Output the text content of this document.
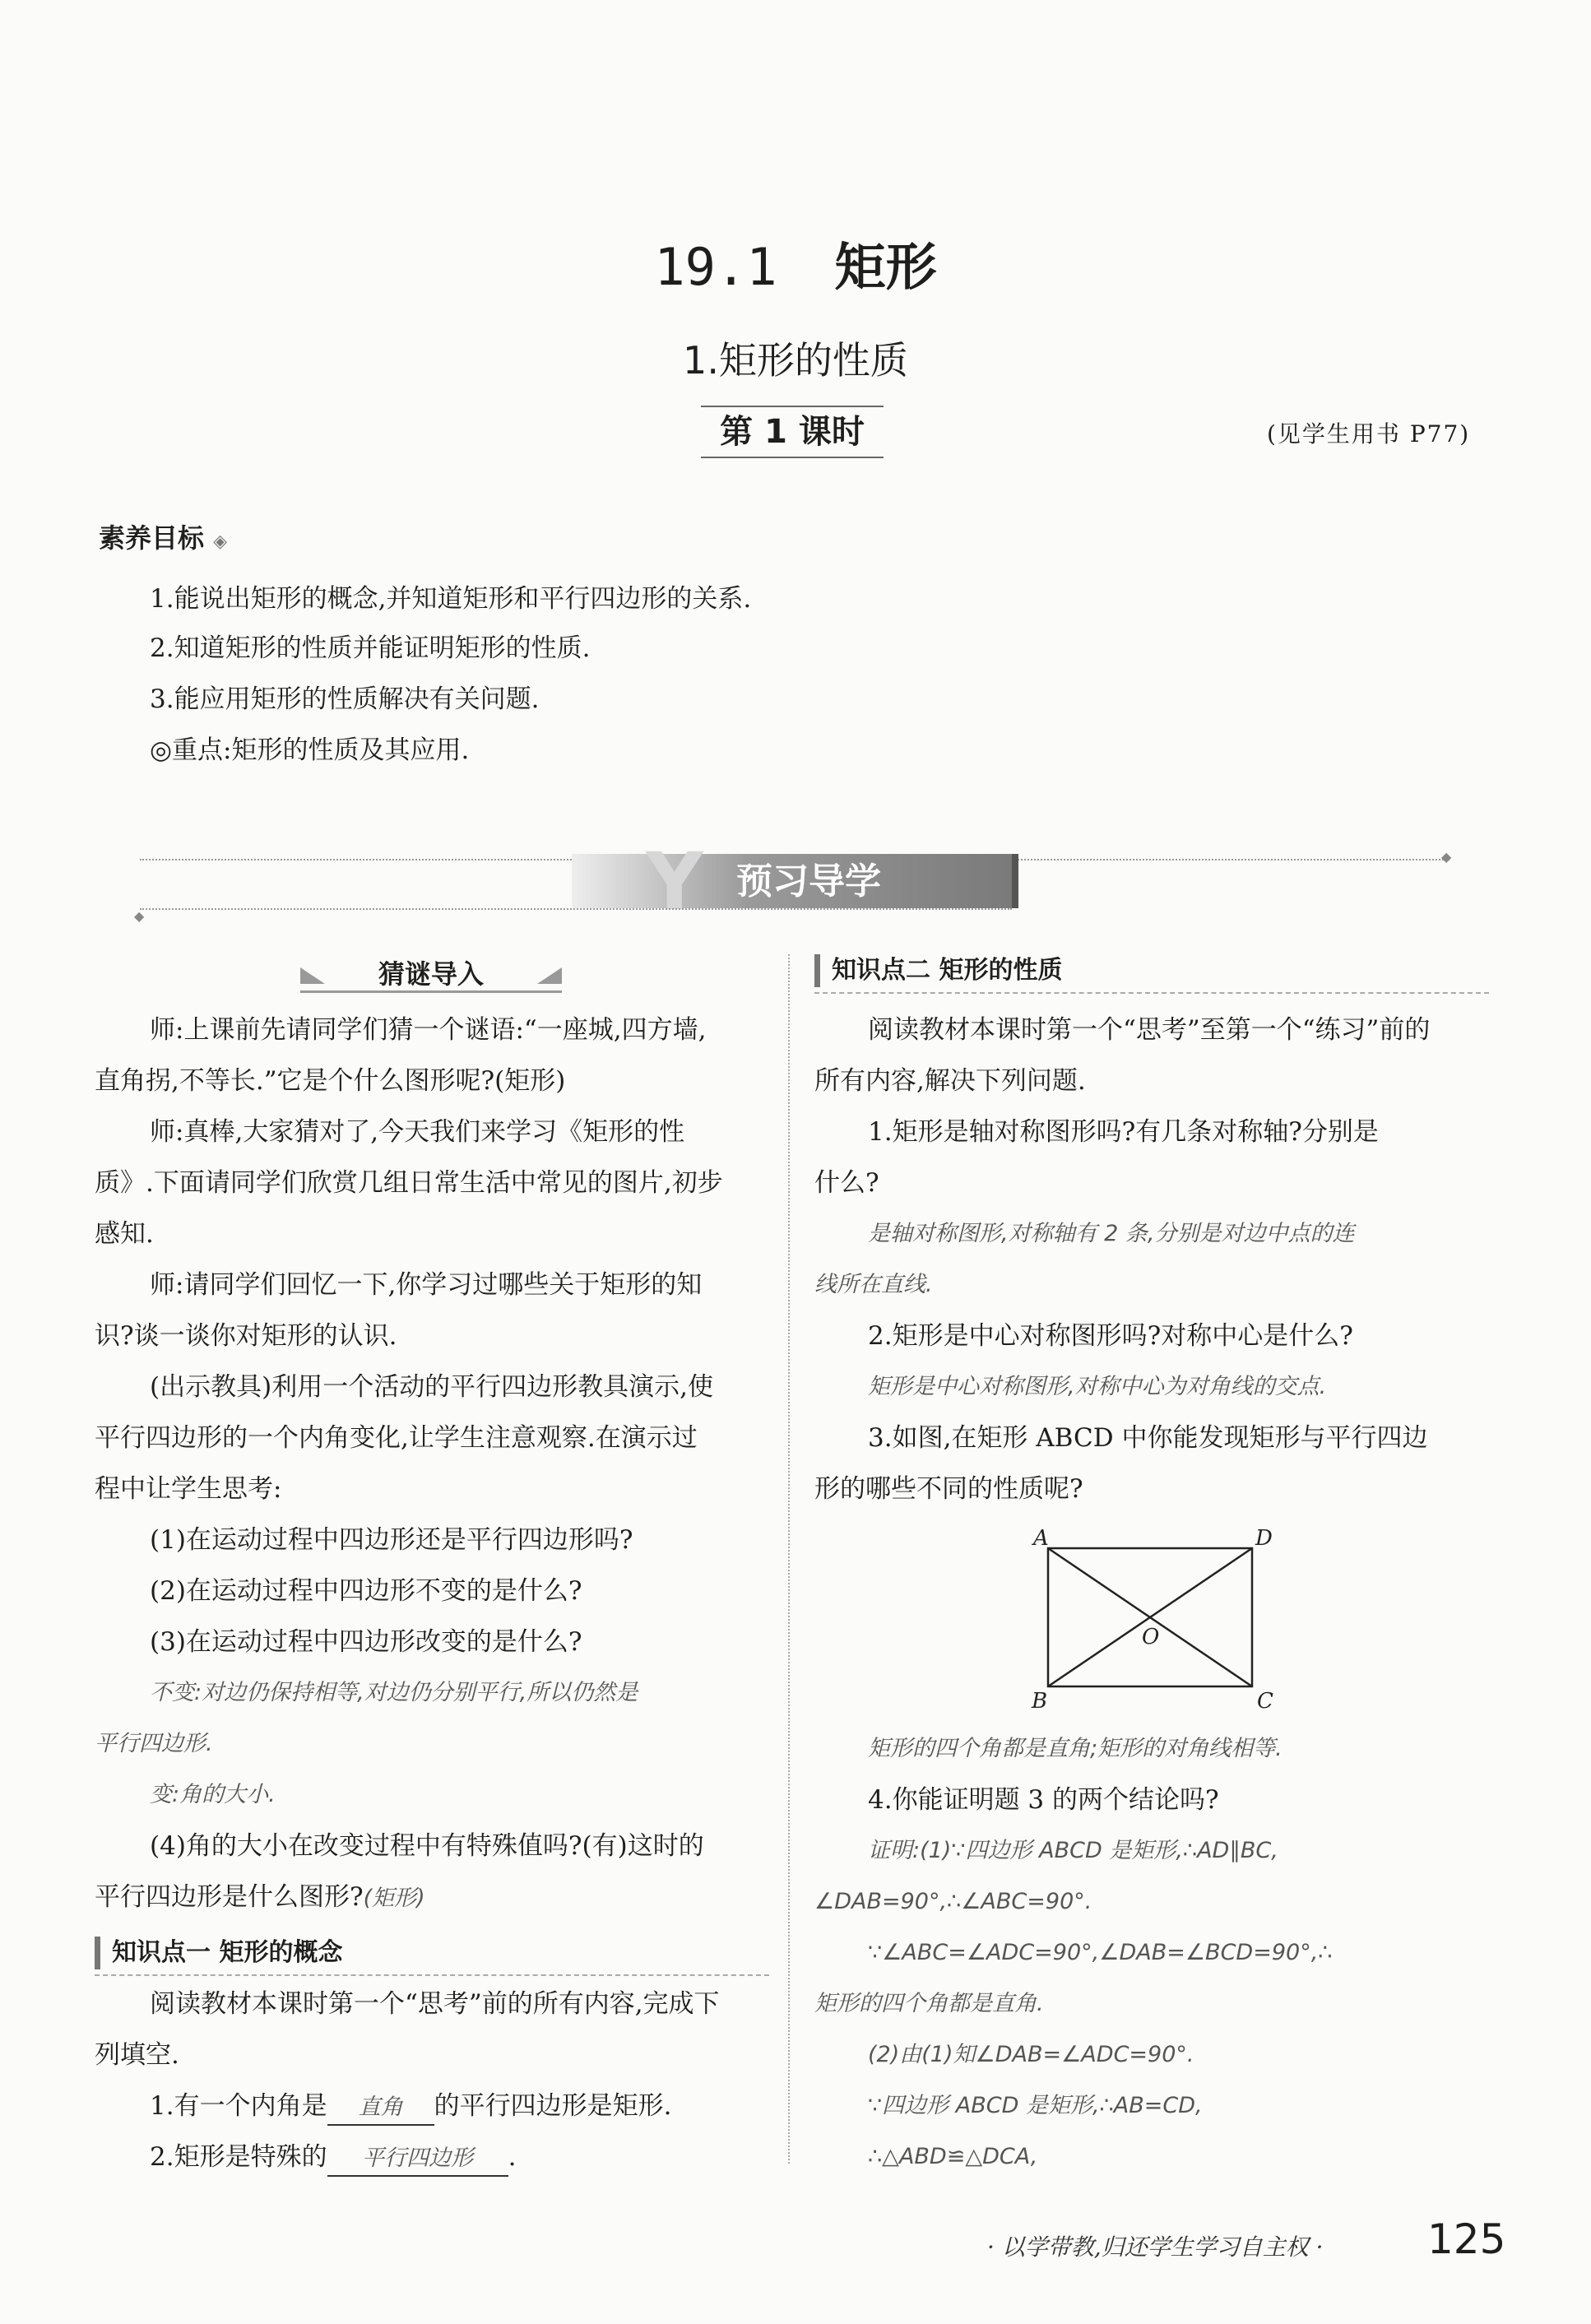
19.1 矩形
1.矩形的性质
第 1 课时	(见学生用书 P77)
素养目标 ◈
1.能说出矩形的概念,并知道矩形和平行四边形的关系.
2.知道矩形的性质并能证明矩形的性质.
3.能应用矩形的性质解决有关问题.
◎重点:矩形的性质及其应用.
◆
◆
Y 预习导学
猜谜导入
师:上课前先请同学们猜一个谜语:“一座城,四方墙,
直角拐,不等长.”它是个什么图形呢?(矩形)
师:真棒,大家猜对了,今天我们来学习《矩形的性
质》.下面请同学们欣赏几组日常生活中常见的图片,初步
感知.
师:请同学们回忆一下,你学习过哪些关于矩形的知
识?谈一谈你对矩形的认识.
(出示教具)利用一个活动的平行四边形教具演示,使
平行四边形的一个内角变化,让学生注意观察.在演示过
程中让学生思考:
(1)在运动过程中四边形还是平行四边形吗?
(2)在运动过程中四边形不变的是什么?
(3)在运动过程中四边形改变的是什么?
不变:对边仍保持相等,对边仍分别平行,所以仍然是
平行四边形.
变:角的大小.
(4)角的大小在改变过程中有特殊值吗?(有)这时的
平行四边形是什么图形?(矩形)
知识点一 矩形的概念
阅读教材本课时第一个“思考”前的所有内容,完成下
列填空.
1.有一个内角是 直角 的平行四边形是矩形.
2.矩形是特殊的 平行四边形 .
知识点二 矩形的性质
阅读教材本课时第一个“思考”至第一个“练习”前的
所有内容,解决下列问题.
1.矩形是轴对称图形吗?有几条对称轴?分别是
什么?
是轴对称图形,对称轴有 2 条,分别是对边中点的连
线所在直线.
2.矩形是中心对称图形吗?对称中心是什么?
矩形是中心对称图形,对称中心为对角线的交点.
3.如图,在矩形 ABCD 中你能发现矩形与平行四边
形的哪些不同的性质呢?
A	D
B	C
O
矩形的四个角都是直角;矩形的对角线相等.
4.你能证明题 3 的两个结论吗?
证明:(1)∵四边形 ABCD 是矩形,∴AD∥BC,
∠DAB=90°,∴∠ABC=90°.
∵∠ABC=∠ADC=90°,∠DAB=∠BCD=90°,∴
矩形的四个角都是直角.
(2)由(1)知∠DAB=∠ADC=90°.
∵四边形 ABCD 是矩形,∴AB=CD,
∴△ABD≌△DCA,
· 以学带教,归还学生学习自主权 ·	125
